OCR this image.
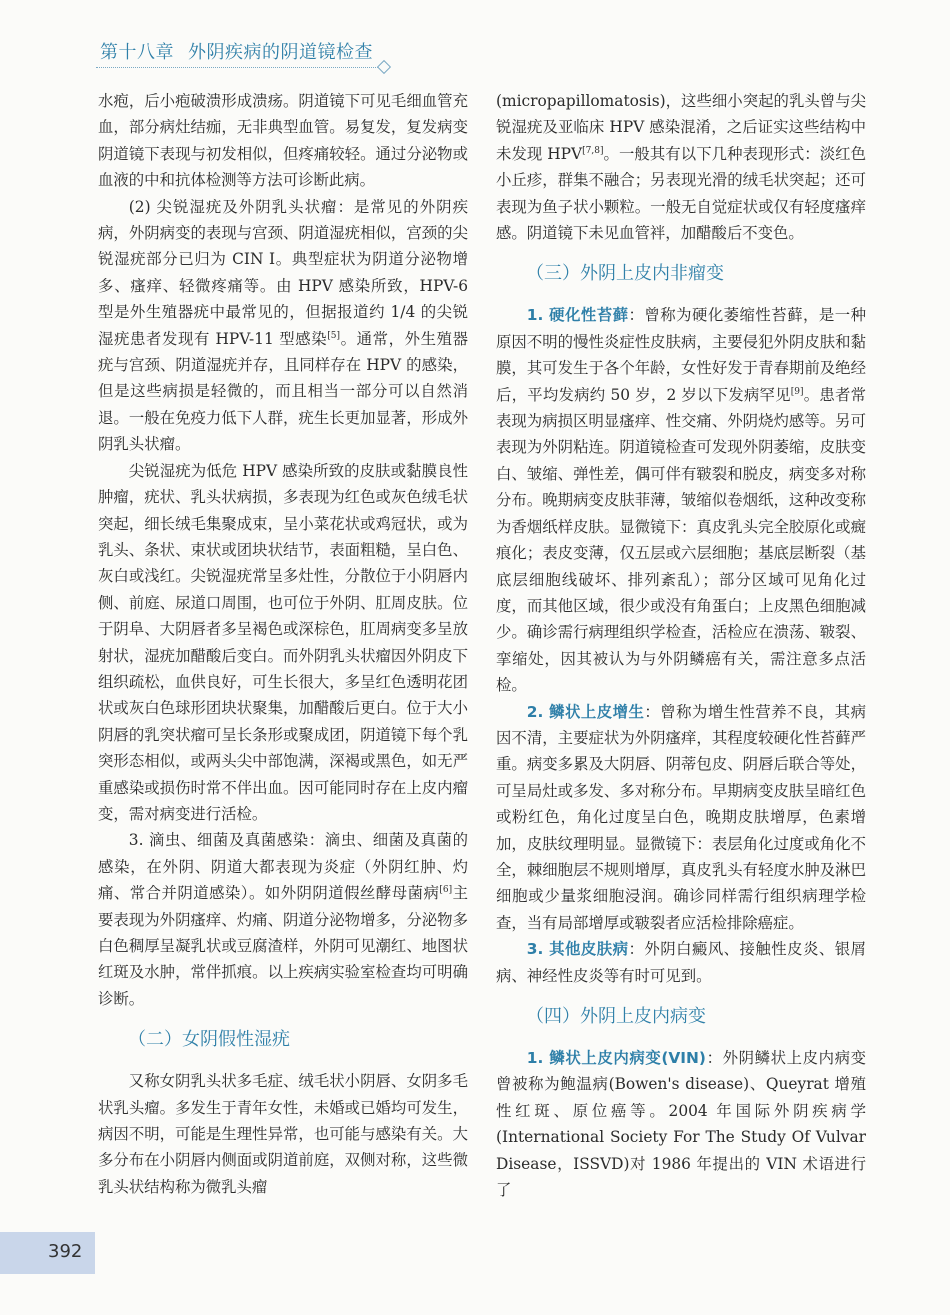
第十八章 外阴疾病的阴道镜检查

水疱，后小疱破溃形成溃疡。阴道镜下可见毛细血管充血，部分病灶结痂，无非典型血管。易复发，复发病变阴道镜下表现与初发相似，但疼痛较轻。通过分泌物或血液的中和抗体检测等方法可诊断此病。

(2) 尖锐湿疣及外阴乳头状瘤：是常见的外阴疾病，外阴病变的表现与宫颈、阴道湿疣相似，宫颈的尖锐湿疣部分已归为 CIN Ⅰ。典型症状为阴道分泌物增多、瘙痒、轻微疼痛等。由 HPV 感染所致，HPV-6 型是外生殖器疣中最常见的，但据报道约 1/4 的尖锐湿疣患者发现有 HPV-11 型感染[5]。通常，外生殖器疣与宫颈、阴道湿疣并存，且同样存在 HPV 的感染，但是这些病损是轻微的，而且相当一部分可以自然消退。一般在免疫力低下人群，疣生长更加显著，形成外阴乳头状瘤。

尖锐湿疣为低危 HPV 感染所致的皮肤或黏膜良性肿瘤，疣状、乳头状病损，多表现为红色或灰色绒毛状突起，细长绒毛集聚成束，呈小菜花状或鸡冠状，或为乳头、条状、束状或团块状结节，表面粗糙，呈白色、灰白或浅红。尖锐湿疣常呈多灶性，分散位于小阴唇内侧、前庭、尿道口周围，也可位于外阴、肛周皮肤。位于阴阜、大阴唇者多呈褐色或深棕色，肛周病变多呈放射状，湿疣加醋酸后变白。而外阴乳头状瘤因外阴皮下组织疏松，血供良好，可生长很大，多呈红色透明花团状或灰白色球形团块状聚集，加醋酸后更白。位于大小阴唇的乳突状瘤可呈长条形或聚成团，阴道镜下每个乳突形态相似，或两头尖中部饱满，深褐或黑色，如无严重感染或损伤时常不伴出血。因可能同时存在上皮内瘤变，需对病变进行活检。

3. 滴虫、细菌及真菌感染：滴虫、细菌及真菌的感染，在外阴、阴道大都表现为炎症（外阴红肿、灼痛、常合并阴道感染）。如外阴阴道假丝酵母菌病[6]主要表现为外阴瘙痒、灼痛、阴道分泌物增多，分泌物多白色稠厚呈凝乳状或豆腐渣样，外阴可见潮红、地图状红斑及水肿，常伴抓痕。以上疾病实验室检查均可明确诊断。

（二）女阴假性湿疣

又称女阴乳头状多毛症、绒毛状小阴唇、女阴多毛状乳头瘤。多发生于青年女性，未婚或已婚均可发生，病因不明，可能是生理性异常，也可能与感染有关。大多分布在小阴唇内侧面或阴道前庭，双侧对称，这些微乳头状结构称为微乳头瘤

(micropapillomatosis)，这些细小突起的乳头曾与尖锐湿疣及亚临床 HPV 感染混淆，之后证实这些结构中未发现 HPV[7,8]。一般其有以下几种表现形式：淡红色小丘疹，群集不融合；另表现光滑的绒毛状突起；还可表现为鱼子状小颗粒。一般无自觉症状或仅有轻度瘙痒感。阴道镜下未见血管袢，加醋酸后不变色。

（三）外阴上皮内非瘤变

1. 硬化性苔藓：曾称为硬化萎缩性苔藓，是一种原因不明的慢性炎症性皮肤病，主要侵犯外阴皮肤和黏膜，其可发生于各个年龄，女性好发于青春期前及绝经后，平均发病约 50 岁，2 岁以下发病罕见[9]。患者常表现为病损区明显瘙痒、性交痛、外阴烧灼感等。另可表现为外阴粘连。阴道镜检查可发现外阴萎缩，皮肤变白、皱缩、弹性差，偶可伴有皲裂和脱皮，病变多对称分布。晚期病变皮肤菲薄，皱缩似卷烟纸，这种改变称为香烟纸样皮肤。显微镜下：真皮乳头完全胶原化或癍痕化；表皮变薄，仅五层或六层细胞；基底层断裂（基底层细胞线破坏、排列紊乱）；部分区域可见角化过度，而其他区域，很少或没有角蛋白；上皮黑色细胞减少。确诊需行病理组织学检查，活检应在溃荡、皲裂、挛缩处，因其被认为与外阴鳞癌有关，需注意多点活检。

2. 鳞状上皮增生：曾称为增生性营养不良，其病因不清，主要症状为外阴瘙痒，其程度较硬化性苔藓严重。病变多累及大阴唇、阴蒂包皮、阴唇后联合等处，可呈局灶或多发、多对称分布。早期病变皮肤呈暗红色或粉红色，角化过度呈白色，晚期皮肤增厚，色素增加，皮肤纹理明显。显微镜下：表层角化过度或角化不全，棘细胞层不规则增厚，真皮乳头有轻度水肿及淋巴细胞或少量浆细胞浸润。确诊同样需行组织病理学检查，当有局部增厚或皲裂者应活检排除癌症。

3. 其他皮肤病：外阴白癜风、接触性皮炎、银屑病、神经性皮炎等有时可见到。

（四）外阴上皮内病变

1. 鳞状上皮内病变(VIN)：外阴鳞状上皮内病变曾被称为鲍温病(Bowen's disease)、Queyrat 增殖性红斑、原位癌等。2004 年国际外阴疾病学(International Society For The Study Of Vulvar Disease，ISSVD)对 1986 年提出的 VIN 术语进行了

392
